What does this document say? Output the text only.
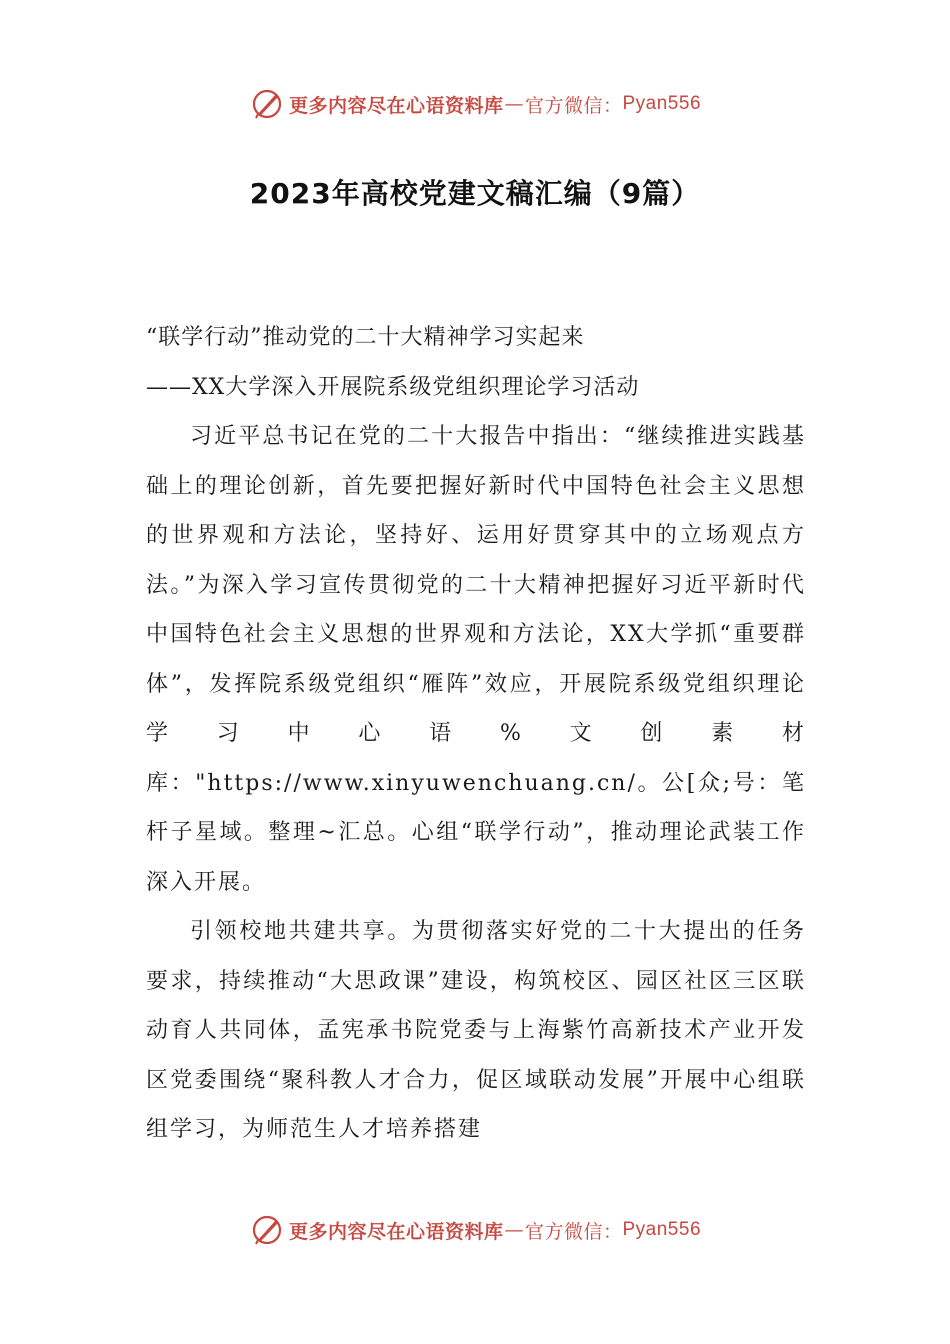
更多内容尽在心语资料库 — 官方微信： Pyan556
2023年高校党建文稿汇编（9篇）

“联学行动”推动党的二十大精神学习实起来

——XX大学深入开展院系级党组织理论学习活动

习近平总书记在党的二十大报告中指出：“继续推进实践基础上的理论创新，首先要把握好新时代中国特色社会主义思想的世界观和方法论，坚持好、运用好贯穿其中的立场观点方法。”为深入学习宣传贯彻党的二十大精神把握好习近平新时代中国特色社会主义思想的世界观和方法论，XX大学抓“重要群体”，发挥院系级党组织“雁阵”效应，开展院系级党组织理论学习中心语%文创素材库："https://www.xinyuwenchuang.cn/。公[众;号：笔杆子星域。整理~汇总。心组“联学行动”，推动理论武装工作深入开展。

引领校地共建共享。为贯彻落实好党的二十大提出的任务要求，持续推动“大思政课”建设，构筑校区、园区社区三区联动育人共同体，孟宪承书院党委与上海紫竹高新技术产业开发区党委围绕“聚科教人才合力，促区域联动发展”开展中心组联组学习，为师范生人才培养搭建

更多内容尽在心语资料库 — 官方微信： Pyan556
